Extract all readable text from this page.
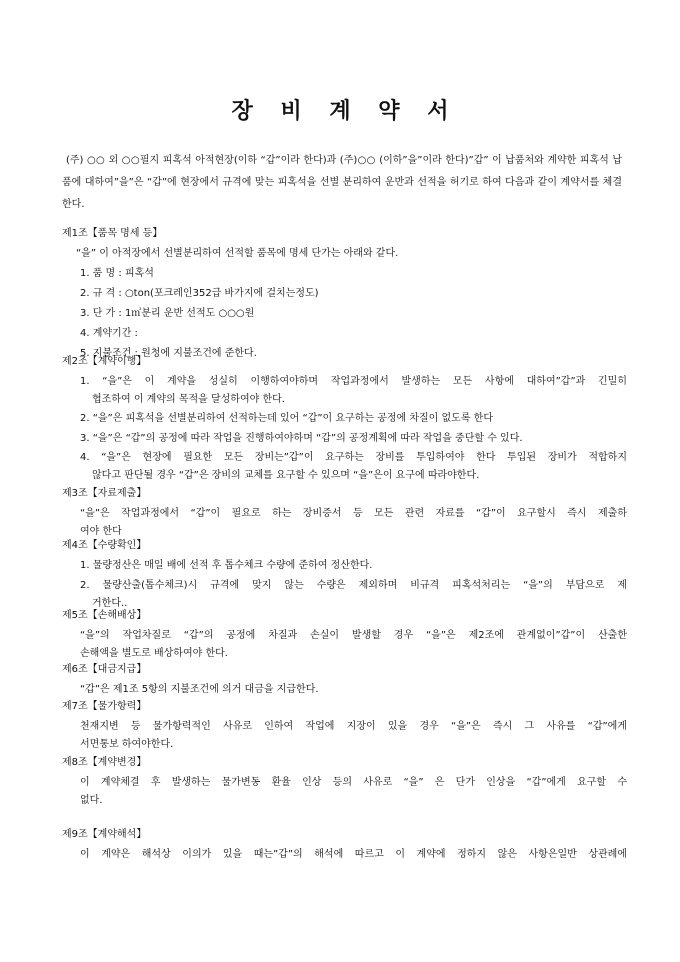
장 비 계 약 서
(주) ○○ 외 ○○필지 피혹석 아적현장(이하 “갑”이라 한다)과 (주)○○ (이하”을”이라 한다)”갑” 이 납품처와 계약한 피혹석 납품에 대하여”을”은 “갑”에 현장에서 규격에 맞는 피혹석을 선별 분리하여 운반과 선적을 허기로 하여 다음과 같이 계약서를 체결한다.
제1조【품목 명세 등】
“을” 이 아적장에서 선별분리하여 선적할 품목에 명세 단가는 아래와 같다.
1. 품 명 : 피혹석
2. 규 격 : ○ton(포크레인352급 바가지에 걸치는정도)
3. 단 가 : 1㎥분리 운반 선적도 ○○○원
4. 계약기간 :
5. 지불조건 : 원청에 지불조건에 준한다.
제2조【계약이행】
1. “을”은 이 계약을 성실히 이행하여야하며 작업과정에서 발생하는 모든 사항에 대하여”갑”과 긴밀히
협조하여 이 계약의 목적을 달성하여야 한다.
2. “을”은 피혹석을 선별분리하여 선적하는데 있어 “갑”이 요구하는 공정에 차질이 없도록 한다
3. “을”은 “갑”의 공정에 따라 작업을 진행하여야하며 “갑”의 공정계획에 따라 작업을 중단할 수 있다.
4. “을”은 현장에 필요한 모든 장비는”갑”이 요구하는 장비를 투입하여야 한다 투입된 장비가 적합하지
않다고 판단될 경우 “갑”은 장비의 교체를 요구할 수 있으며 “을”은이 요구에 따라야한다.
제3조【자료제출】
“을”은 작업과정에서 “갑”이 필요로 하는 장비증서 등 모든 관련 자료를 “갑”이 요구할시 즉시 제출하
여야 한다
제4조【수량확인】
1. 물량정산은 매일 배에 선적 후 톱수체크 수량에 준하여 정산한다.
2. 물량산출(톱수체크)시 규격에 맞지 않는 수량은 제외하며 비규격 피혹석처리는 “을”의 부담으로 제
거한다..
제5조【손해배상】
“을”의 작업차질로 “갑”의 공정에 차질과 손실이 발생할 경우 “을”은 제2조에 관계없이”갑”이 산출한
손해액을 별도로 배상하여야 한다.
제6조【대금지급】
“갑”은 제1조 5항의 지불조건에 의거 대금을 지급한다.
제7조【물가항력】
천재지변 등 물가항력적인 사유로 인하여 작업에 지장이 있을 경우 “을”은 즉시 그 사유를 “갑”에게
서면통보 하여야한다.
제8조【계약변경】
이 계약체결 후 발생하는 물가변동 환율 인상 등의 사유로 “을” 은 단가 인상을 “갑”에게 요구할 수
없다.
제9조【계약해석】
이 계약은 해석상 이의가 있을 때는”갑”의 해석에 따르고 이 계약에 정하지 않은 사항은일반 상관례에
